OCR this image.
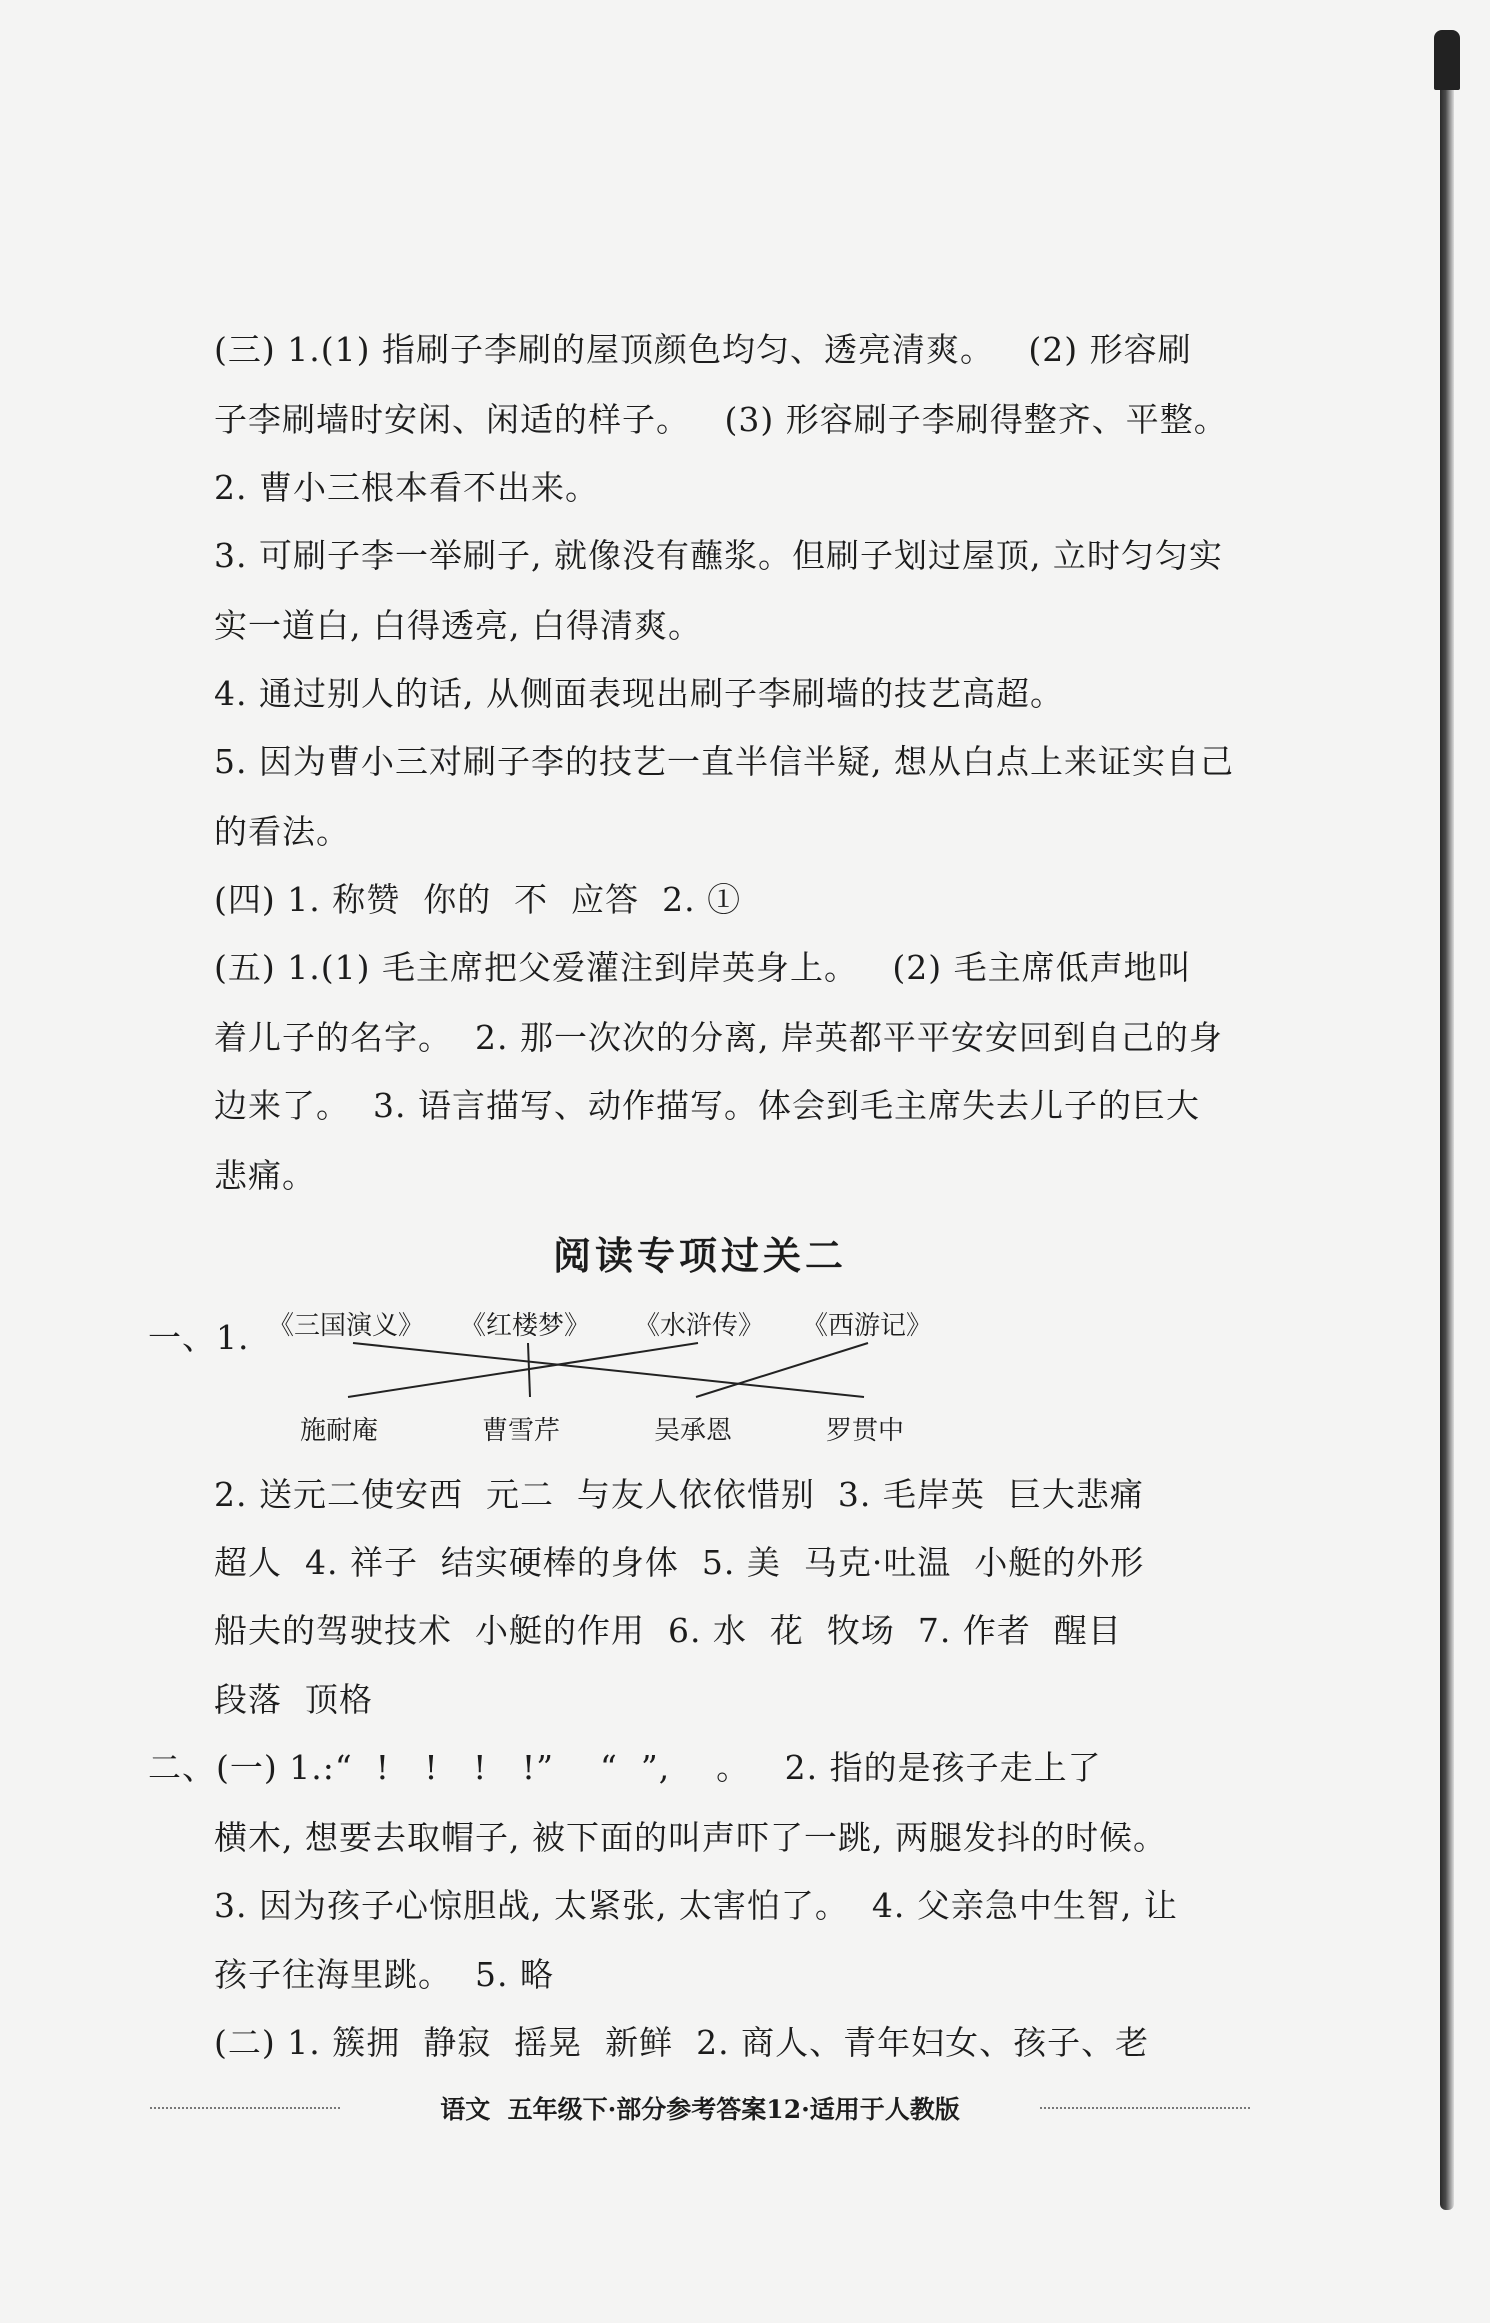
(三) 1.(1) 指刷子李刷的屋顶颜色均匀、透亮清爽。   (2) 形容刷
子李刷墙时安闲、闲适的样子。   (3) 形容刷子李刷得整齐、平整。
2. 曹小三根本看不出来。
3. 可刷子李一举刷子, 就像没有蘸浆。但刷子划过屋顶, 立时匀匀实
实一道白, 白得透亮, 白得清爽。
4. 通过别人的话, 从侧面表现出刷子李刷墙的技艺高超。
5. 因为曹小三对刷子李的技艺一直半信半疑, 想从白点上来证实自己
的看法。
(四) 1. 称赞  你的  不  应答  2. ①
(五) 1.(1) 毛主席把父爱灌注到岸英身上。   (2) 毛主席低声地叫
着儿子的名字。  2. 那一次次的分离, 岸英都平平安安回到自己的身
边来了。  3. 语言描写、动作描写。体会到毛主席失去儿子的巨大
悲痛。
阅读专项过关二
一、1. 《三国演义》 《红楼梦》 《水浒传》 《西游记》
施耐庵	曹雪芹	吴承恩	罗贯中
2. 送元二使安西  元二  与友人依依惜别  3. 毛岸英  巨大悲痛
超人  4. 祥子  结实硬棒的身体  5. 美  马克·吐温  小艇的外形
船夫的驾驶技术  小艇的作用  6. 水  花  牧场  7. 作者  醒目
段落  顶格
二、(一) 1.:“  !   !   !   !”    “  ”,    。   2. 指的是孩子走上了
横木, 想要去取帽子, 被下面的叫声吓了一跳, 两腿发抖的时候。
3. 因为孩子心惊胆战, 太紧张, 太害怕了。  4. 父亲急中生智, 让
孩子往海里跳。  5. 略
(二) 1. 簇拥  静寂  摇晃  新鲜  2. 商人、青年妇女、孩子、老
语文  五年级下·部分参考答案12·适用于人教版
